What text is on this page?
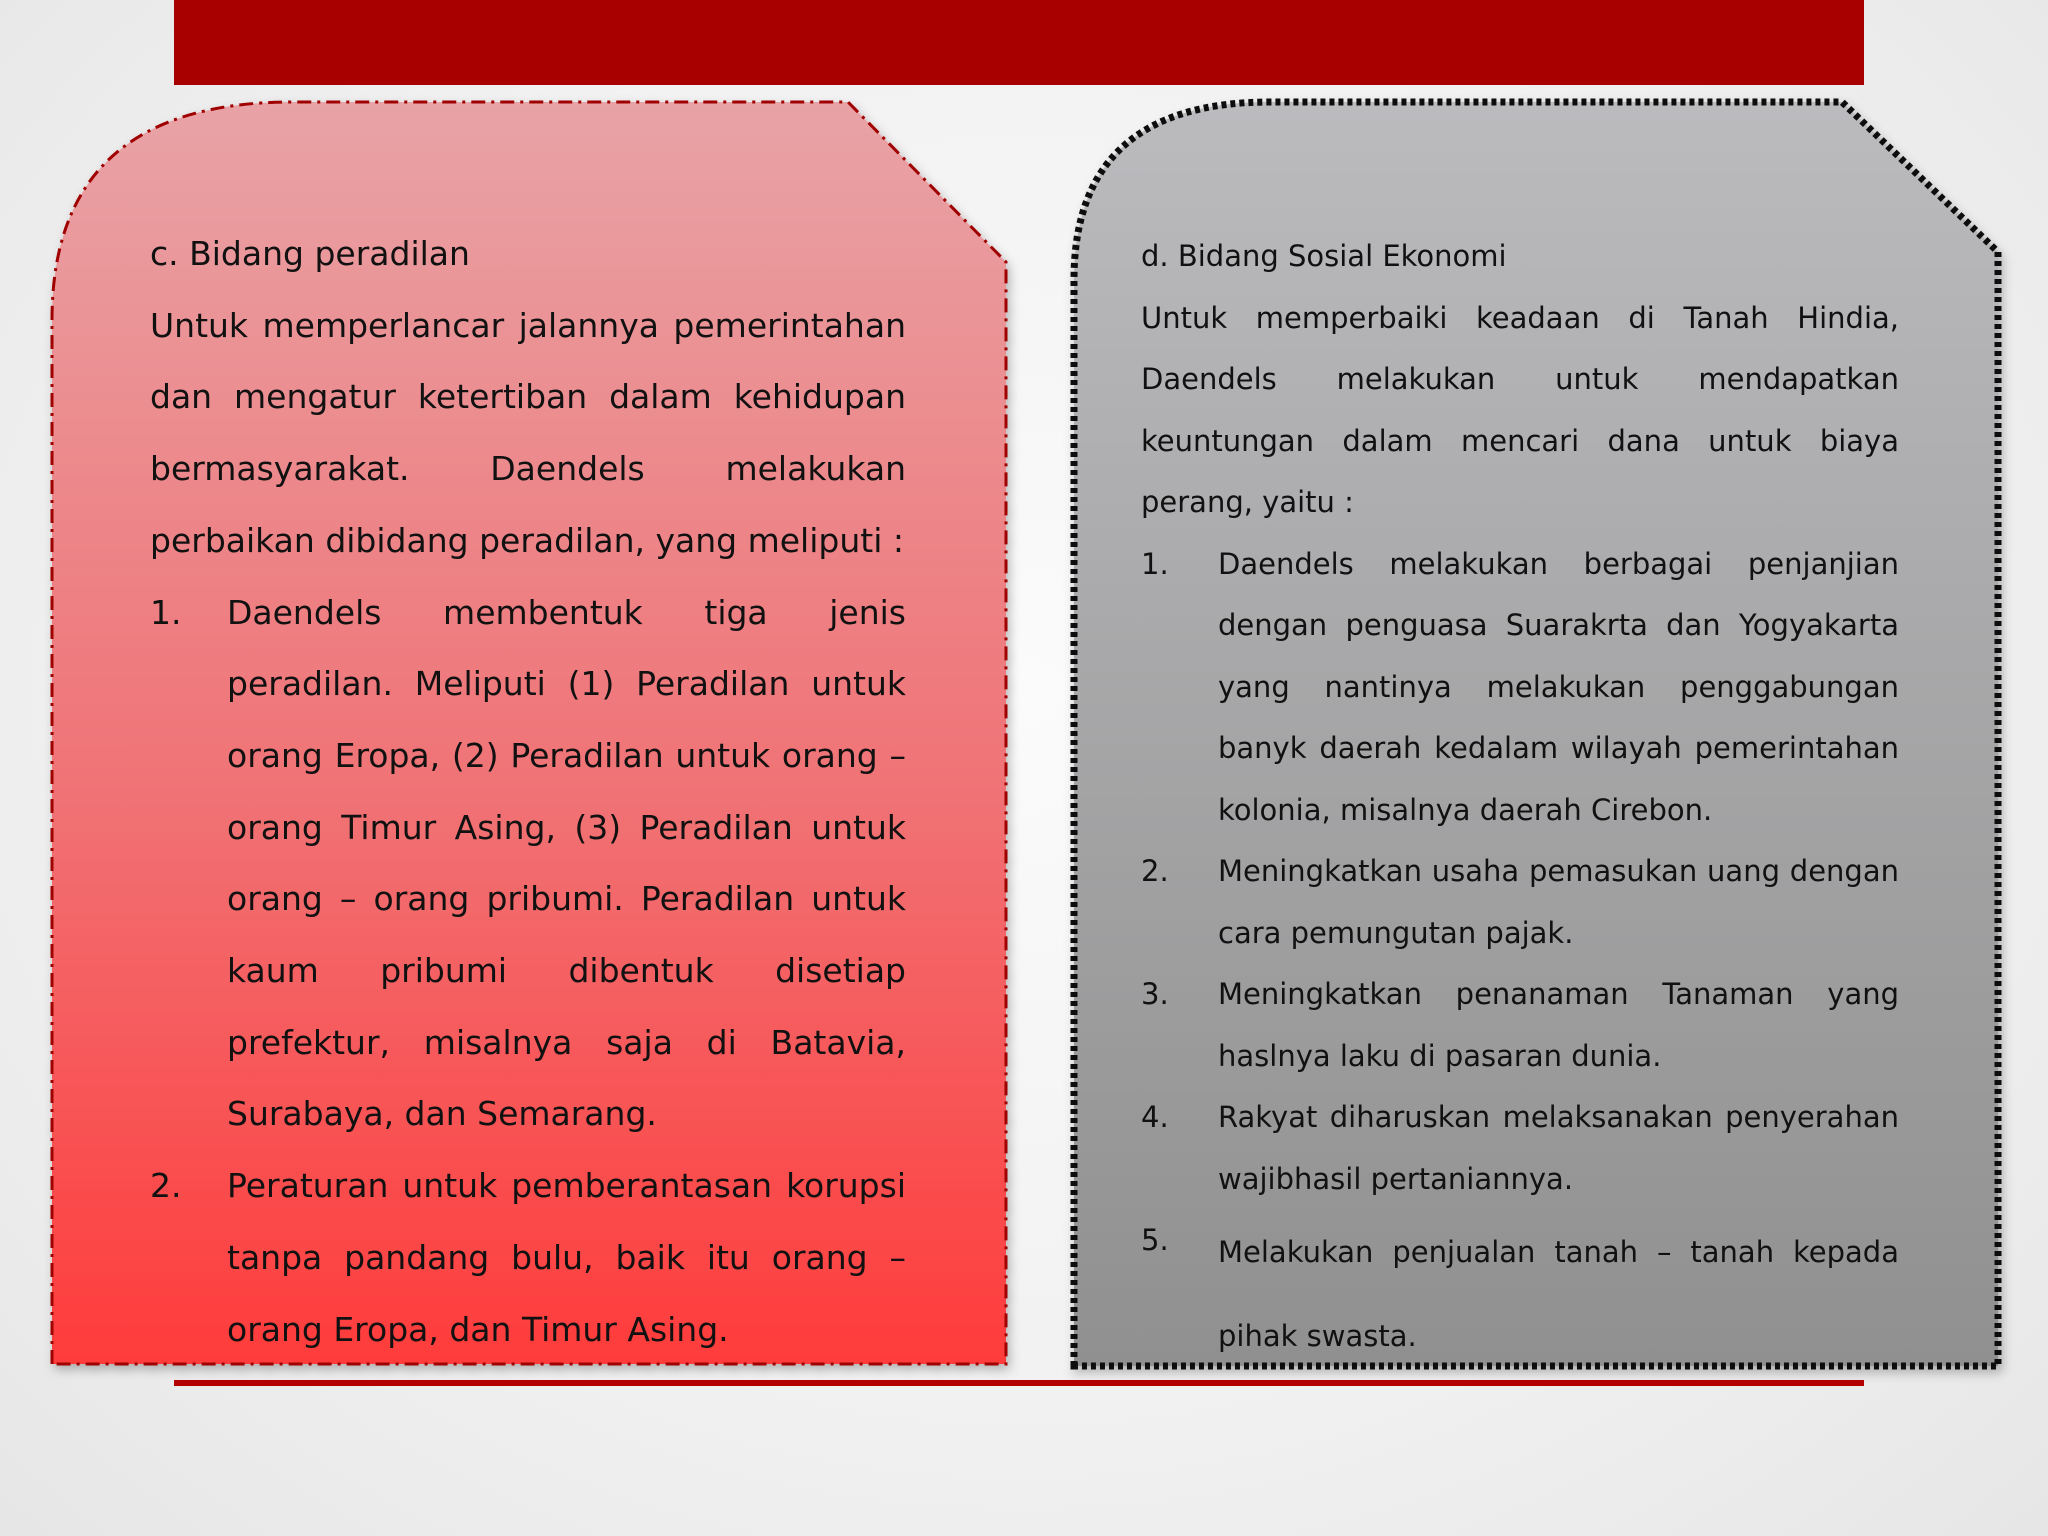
c. Bidang peradilan

Untuk memperlancar jalannya pemerintahan dan mengatur ketertiban dalam kehidupan bermasyarakat. Daendels melakukan perbaikan dibidang peradilan, yang meliputi :

1.	Daendels membentuk tiga jenis peradilan. Meliputi (1) Peradilan untuk orang Eropa, (2) Peradilan untuk orang – orang Timur Asing, (3) Peradilan untuk orang – orang pribumi. Peradilan untuk kaum pribumi dibentuk disetiap prefektur, misalnya saja di Batavia, Surabaya, dan Semarang.
2.	Peraturan untuk pemberantasan korupsi tanpa pandang bulu, baik itu orang – orang Eropa, dan Timur Asing.

d. Bidang Sosial Ekonomi

Untuk memperbaiki keadaan di Tanah Hindia, Daendels melakukan untuk mendapatkan keuntungan dalam mencari dana untuk biaya perang, yaitu :

1.	Daendels melakukan berbagai penjanjian dengan penguasa Suarakrta dan Yogyakarta yang nantinya melakukan penggabungan banyk daerah kedalam wilayah pemerintahan kolonia, misalnya daerah Cirebon.
2.	Meningkatkan usaha pemasukan uang dengan cara pemungutan pajak.
3.	Meningkatkan penanaman Tanaman yang haslnya laku di pasaran dunia.
4.	Rakyat diharuskan melaksanakan penyerahan wajibhasil pertaniannya.
5.	Melakukan penjualan tanah – tanah kepada pihak swasta.
